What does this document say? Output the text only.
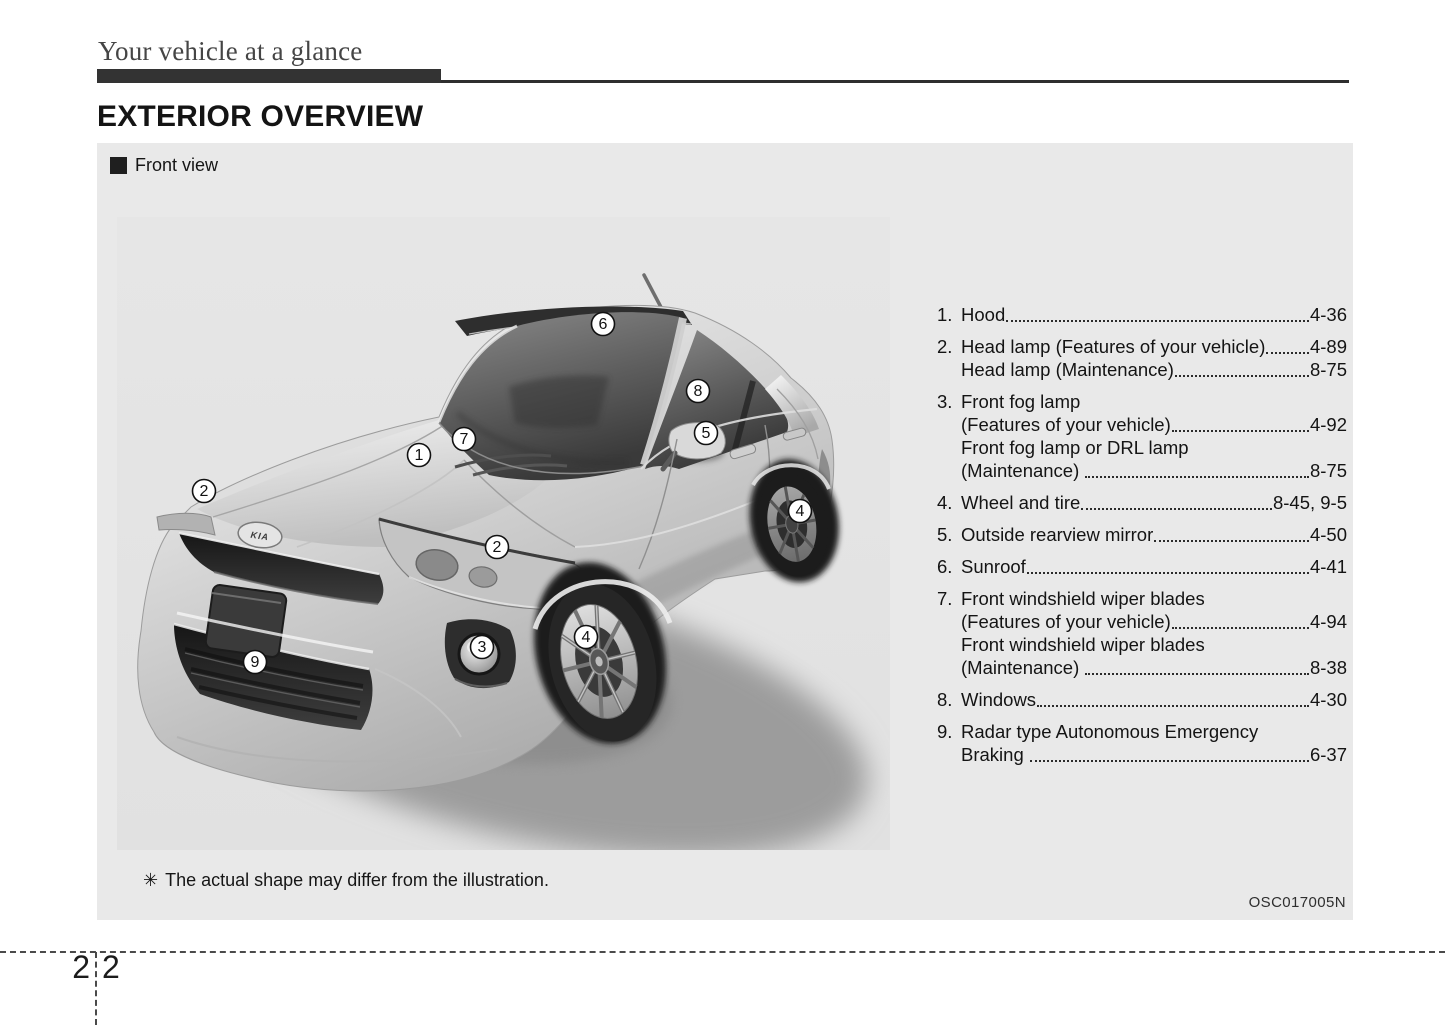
Your vehicle at a glance
EXTERIOR OVERVIEW
Front view
KIA
1
2
2
3
4
4
5
6
7
8
9
✳ The actual shape may differ from the illustration.
OSC017005N
1. Hood	4-36
2. Head lamp (Features of your vehicle) 4-89
Head lamp (Maintenance)	8-75
3. Front fog lamp
(Features of your vehicle)	4-92
Front fog lamp or DRL lamp
(Maintenance)	8-75
4. Wheel and tire	8-45, 9-5
5. Outside rearview mirror	4-50
6. Sunroof	4-41
7. Front windshield wiper blades
(Features of your vehicle)	4-94
Front windshield wiper blades
(Maintenance)	8-38
8. Windows	4-30
9. Radar type Autonomous Emergency
Braking	6-37
2 2
